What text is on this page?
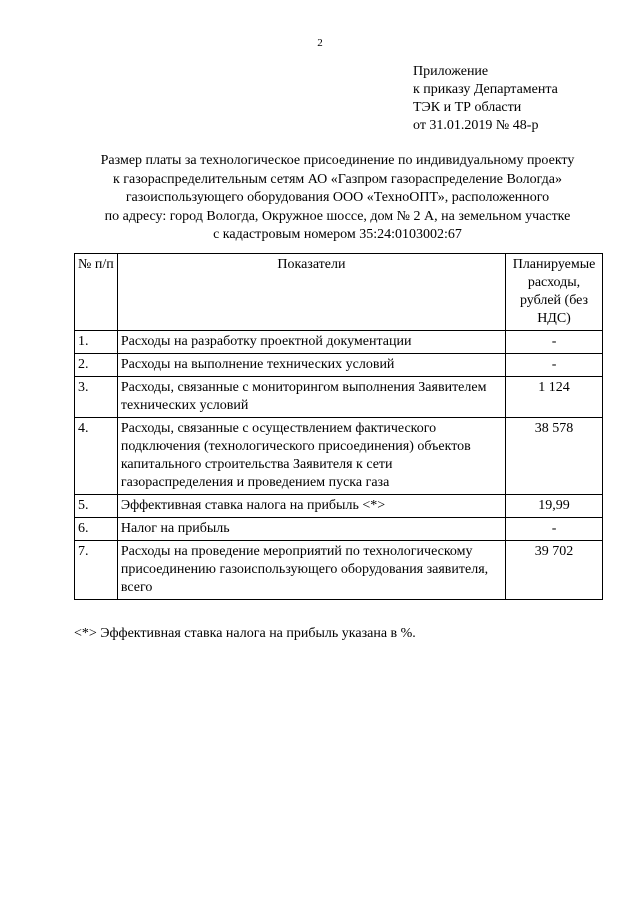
2
Приложение
к приказу Департамента
ТЭК и ТР области
от 31.01.2019 № 48-р
Размер платы за технологическое присоединение по индивидуальному проекту
к газораспределительным сетям АО «Газпром газораспределение Вологда»
газоиспользующего оборудования ООО «ТехноОПТ», расположенного
по адресу: город Вологда, Окружное шоссе, дом № 2 А, на земельном участке
с кадастровым номером 35:24:0103002:67
№ п/п	Показатели	Планируемые расходы, рублей (без НДС)
1.	Расходы на разработку проектной документации	-
2.	Расходы на выполнение технических условий	-
3.	Расходы, связанные с мониторингом выполнения Заявителем технических условий	1 124
4.	Расходы, связанные с осуществлением фактического подключения (технологического присоединения) объектов капитального строительства Заявителя к сети газораспределения и проведением пуска газа	38 578
5.	Эффективная ставка налога на прибыль <*>	19,99
6.	Налог на прибыль	-
7.	Расходы на проведение мероприятий по технологическому присоединению газоиспользующего оборудования заявителя, всего	39 702
<*> Эффективная ставка налога на прибыль указана в %.
